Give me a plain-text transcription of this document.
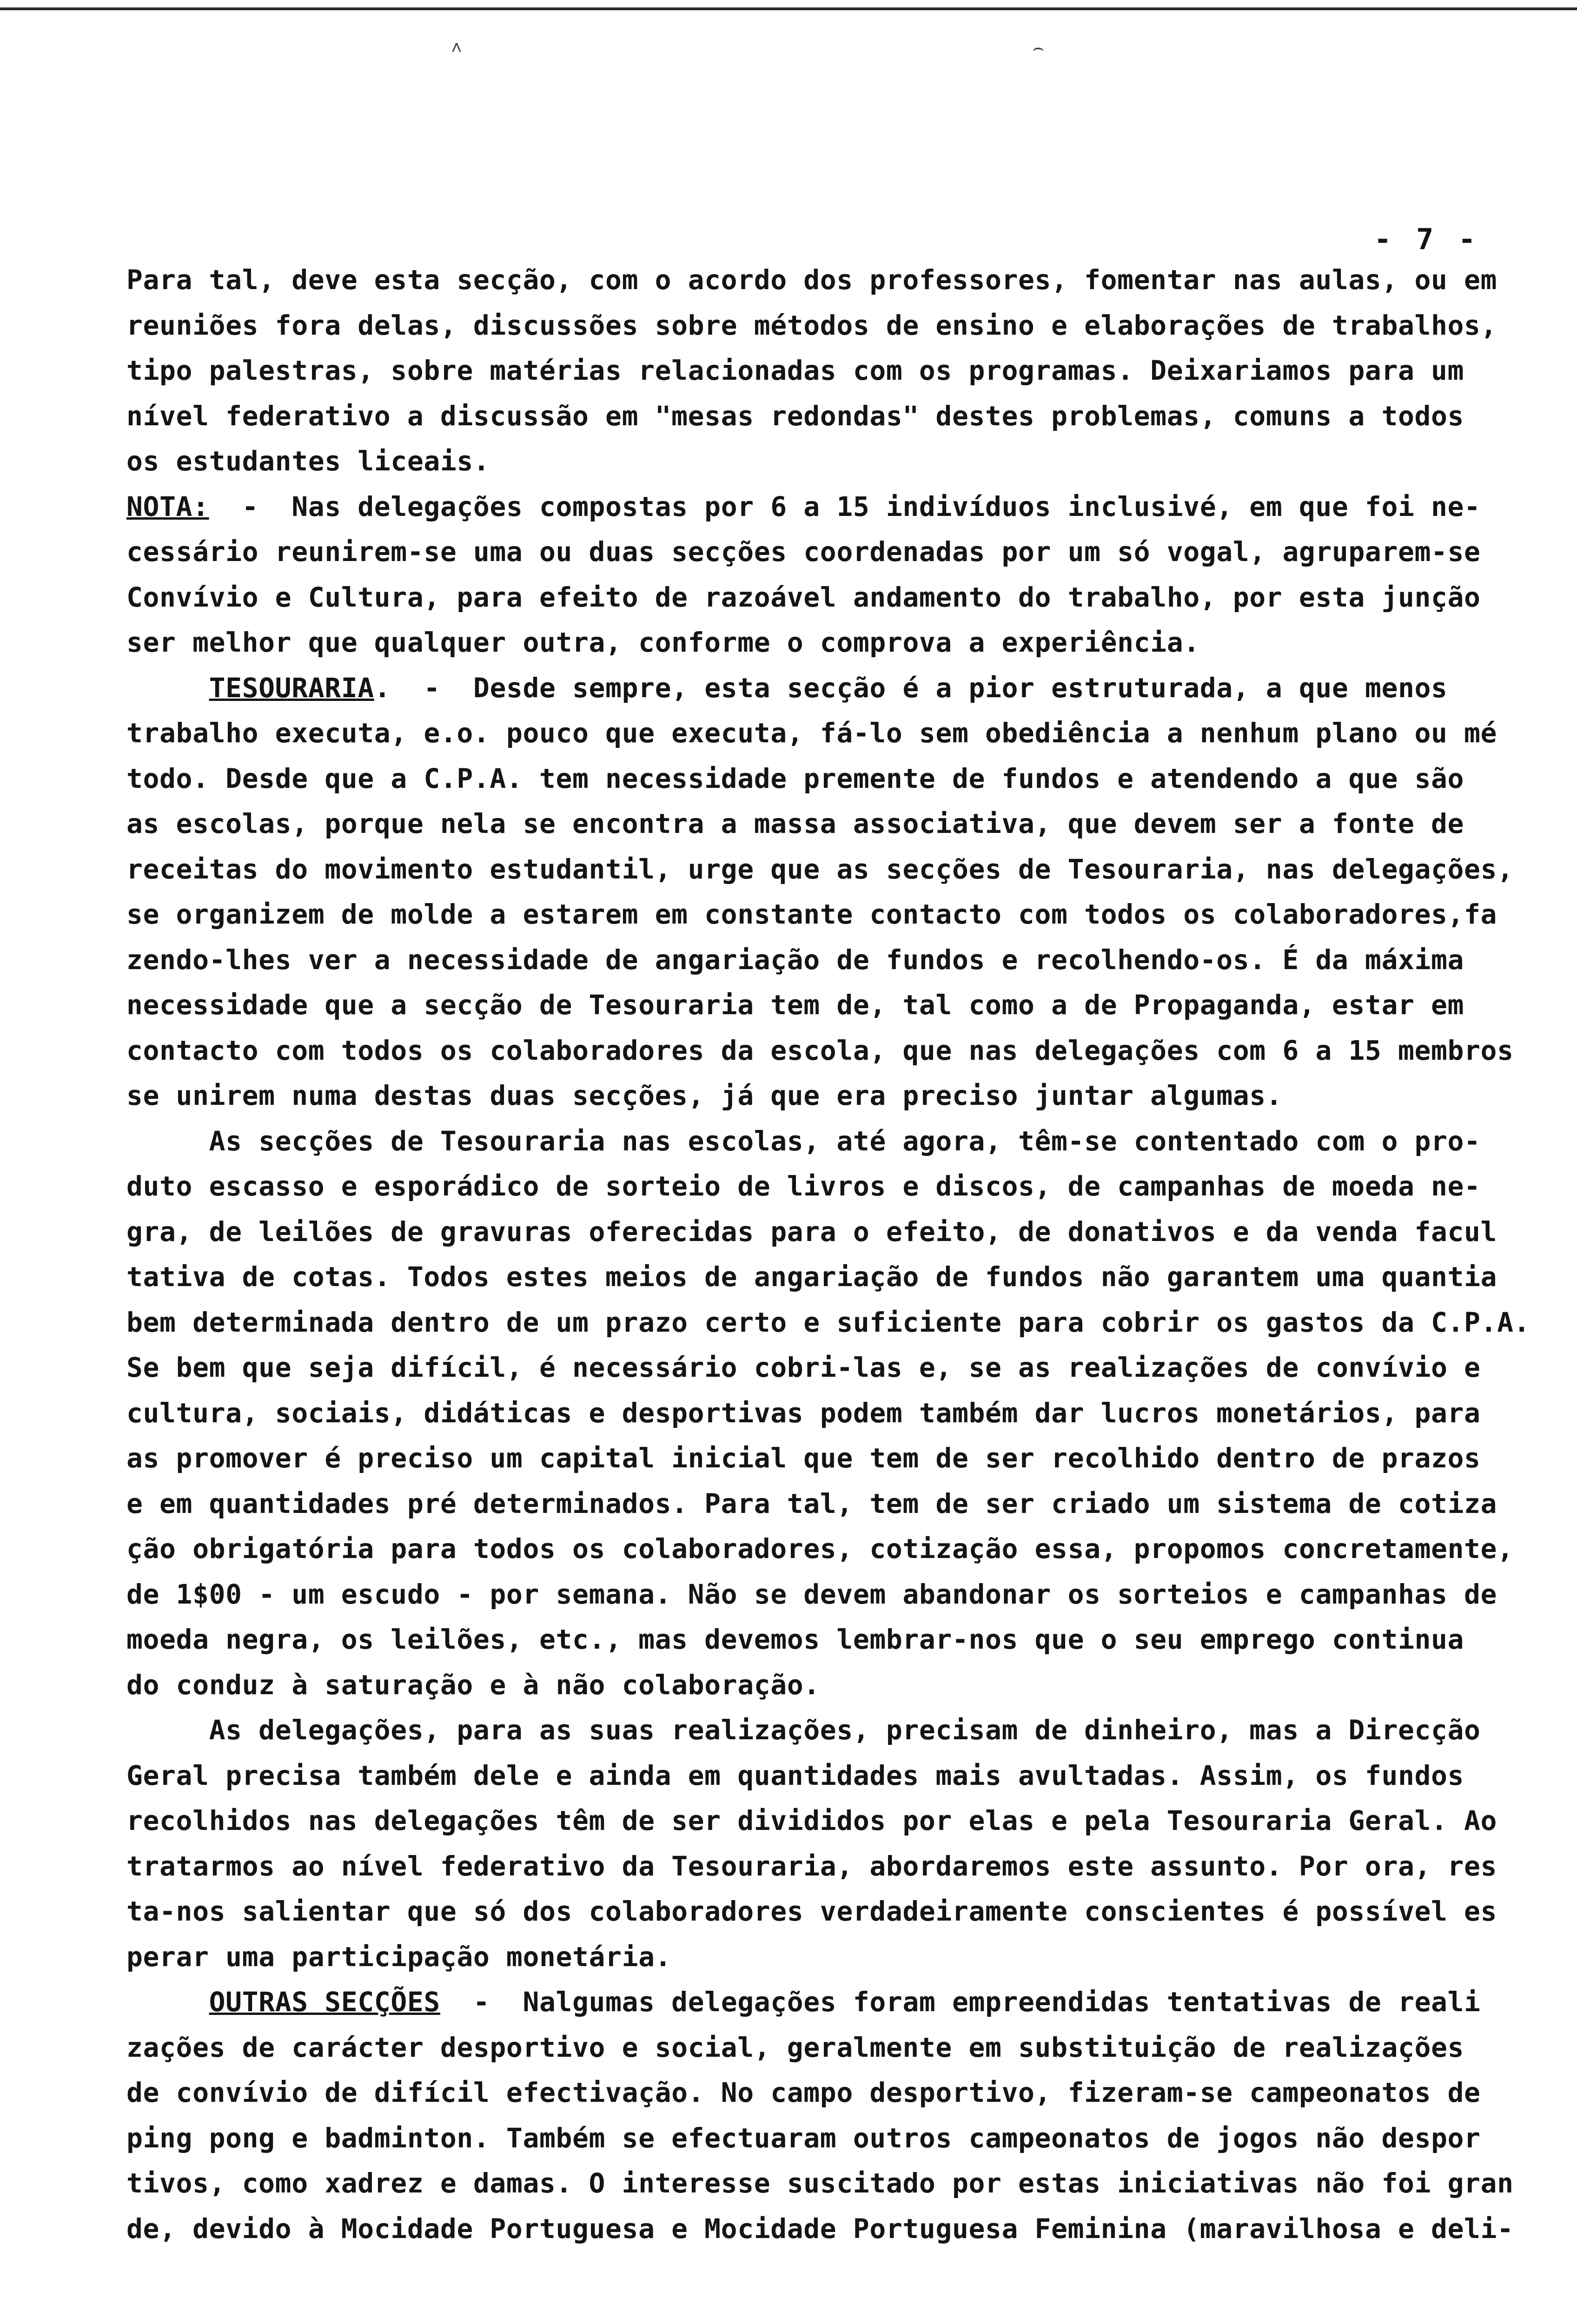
˄	⌢
- 7 -
Para tal, deve esta secção, com o acordo dos professores, fomentar nas aulas, ou em
reuniões fora delas, discussões sobre métodos de ensino e elaborações de trabalhos,
tipo palestras, sobre matérias relacionadas com os programas. Deixariamos para um
nível federativo a discussão em "mesas redondas" destes problemas, comuns a todos
os estudantes liceais.
NOTA:  -  Nas delegações compostas por 6 a 15 indivíduos inclusivé, em que foi ne-
cessário reunirem-se uma ou duas secções coordenadas por um só vogal, agruparem-se
Convívio e Cultura, para efeito de razoável andamento do trabalho, por esta junção
ser melhor que qualquer outra, conforme o comprova a experiência.
TESOURARIA.  -  Desde sempre, esta secção é a pior estruturada, a que menos
trabalho executa, e.o. pouco que executa, fá-lo sem obediência a nenhum plano ou mé
todo. Desde que a C.P.A. tem necessidade premente de fundos e atendendo a que são
as escolas, porque nela se encontra a massa associativa, que devem ser a fonte de
receitas do movimento estudantil, urge que as secções de Tesouraria, nas delegações,
se organizem de molde a estarem em constante contacto com todos os colaboradores,fa
zendo-lhes ver a necessidade de angariação de fundos e recolhendo-os. É da máxima
necessidade que a secção de Tesouraria tem de, tal como a de Propaganda, estar em
contacto com todos os colaboradores da escola, que nas delegações com 6 a 15 membros
se unirem numa destas duas secções, já que era preciso juntar algumas.
As secções de Tesouraria nas escolas, até agora, têm-se contentado com o pro-
duto escasso e esporádico de sorteio de livros e discos, de campanhas de moeda ne-
gra, de leilões de gravuras oferecidas para o efeito, de donativos e da venda facul
tativa de cotas. Todos estes meios de angariação de fundos não garantem uma quantia
bem determinada dentro de um prazo certo e suficiente para cobrir os gastos da C.P.A.
Se bem que seja difícil, é necessário cobri-las e, se as realizações de convívio e
cultura, sociais, didáticas e desportivas podem também dar lucros monetários, para
as promover é preciso um capital inicial que tem de ser recolhido dentro de prazos
e em quantidades pré determinados. Para tal, tem de ser criado um sistema de cotiza
ção obrigatória para todos os colaboradores, cotização essa, propomos concretamente,
de 1$00 - um escudo - por semana. Não se devem abandonar os sorteios e campanhas de
moeda negra, os leilões, etc., mas devemos lembrar-nos que o seu emprego continua
do conduz à saturação e à não colaboração.
As delegações, para as suas realizações, precisam de dinheiro, mas a Direcção
Geral precisa também dele e ainda em quantidades mais avultadas. Assim, os fundos
recolhidos nas delegações têm de ser divididos por elas e pela Tesouraria Geral. Ao
tratarmos ao nível federativo da Tesouraria, abordaremos este assunto. Por ora, res
ta-nos salientar que só dos colaboradores verdadeiramente conscientes é possível es
perar uma participação monetária.
OUTRAS SECÇÕES  -  Nalgumas delegações foram empreendidas tentativas de reali
zações de carácter desportivo e social, geralmente em substituição de realizações
de convívio de difícil efectivação. No campo desportivo, fizeram-se campeonatos de
ping pong e badminton. Também se efectuaram outros campeonatos de jogos não despor
tivos, como xadrez e damas. O interesse suscitado por estas iniciativas não foi gran
de, devido à Mocidade Portuguesa e Mocidade Portuguesa Feminina (maravilhosa e deli-
